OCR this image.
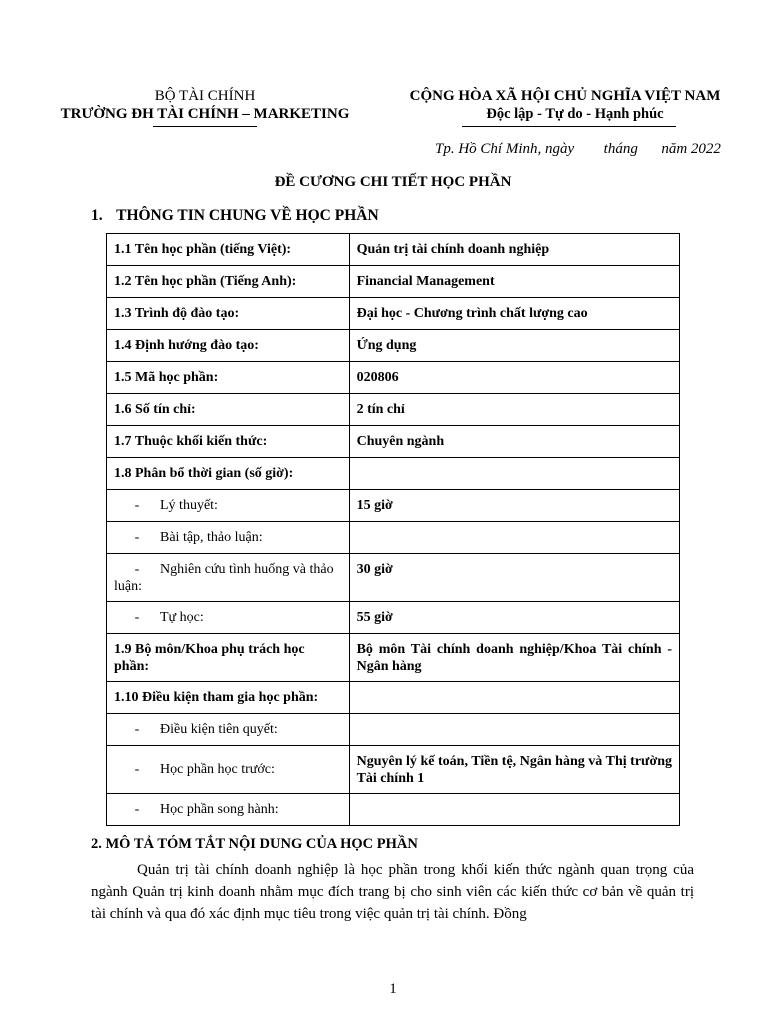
BỘ TÀI CHÍNH
TRƯỜNG ĐH TÀI CHÍNH – MARKETING
CỘNG HÒA XÃ HỘI CHỦ NGHĨA VIỆT NAM
Độc lập - Tự do - Hạnh phúc
Tp. Hồ Chí Minh, ngày tháng năm 2022
ĐỀ CƯƠNG CHI TIẾT HỌC PHẦN
1. THÔNG TIN CHUNG VỀ HỌC PHẦN
1.1 Tên học phần (tiếng Việt):	Quản trị tài chính doanh nghiệp
1.2 Tên học phần (Tiếng Anh):	Financial Management
1.3 Trình độ đào tạo:	Đại học - Chương trình chất lượng cao
1.4 Định hướng đào tạo:	Ứng dụng
1.5 Mã học phần:	020806
1.6 Số tín chỉ:	2 tín chỉ
1.7 Thuộc khối kiến thức:	Chuyên ngành
1.8 Phân bổ thời gian (số giờ):	
- Lý thuyết:	15 giờ
- Bài tập, thảo luận:	
- Nghiên cứu tình huống và thảo luận:	30 giờ
- Tự học:	55 giờ
1.9 Bộ môn/Khoa phụ trách học phần:	Bộ môn Tài chính doanh nghiệp/Khoa Tài chính - Ngân hàng
1.10 Điều kiện tham gia học phần:	
- Điều kiện tiên quyết:	
- Học phần học trước:	Nguyên lý kế toán, Tiền tệ, Ngân hàng và Thị trường Tài chính 1
- Học phần song hành:	
2. MÔ TẢ TÓM TẮT NỘI DUNG CỦA HỌC PHẦN
Quản trị tài chính doanh nghiệp là học phần trong khối kiến thức ngành quan trọng của ngành Quản trị kinh doanh nhằm mục đích trang bị cho sinh viên các kiến thức cơ bản về quản trị tài chính và qua đó xác định mục tiêu trong việc quản trị tài chính. Đồng
1
